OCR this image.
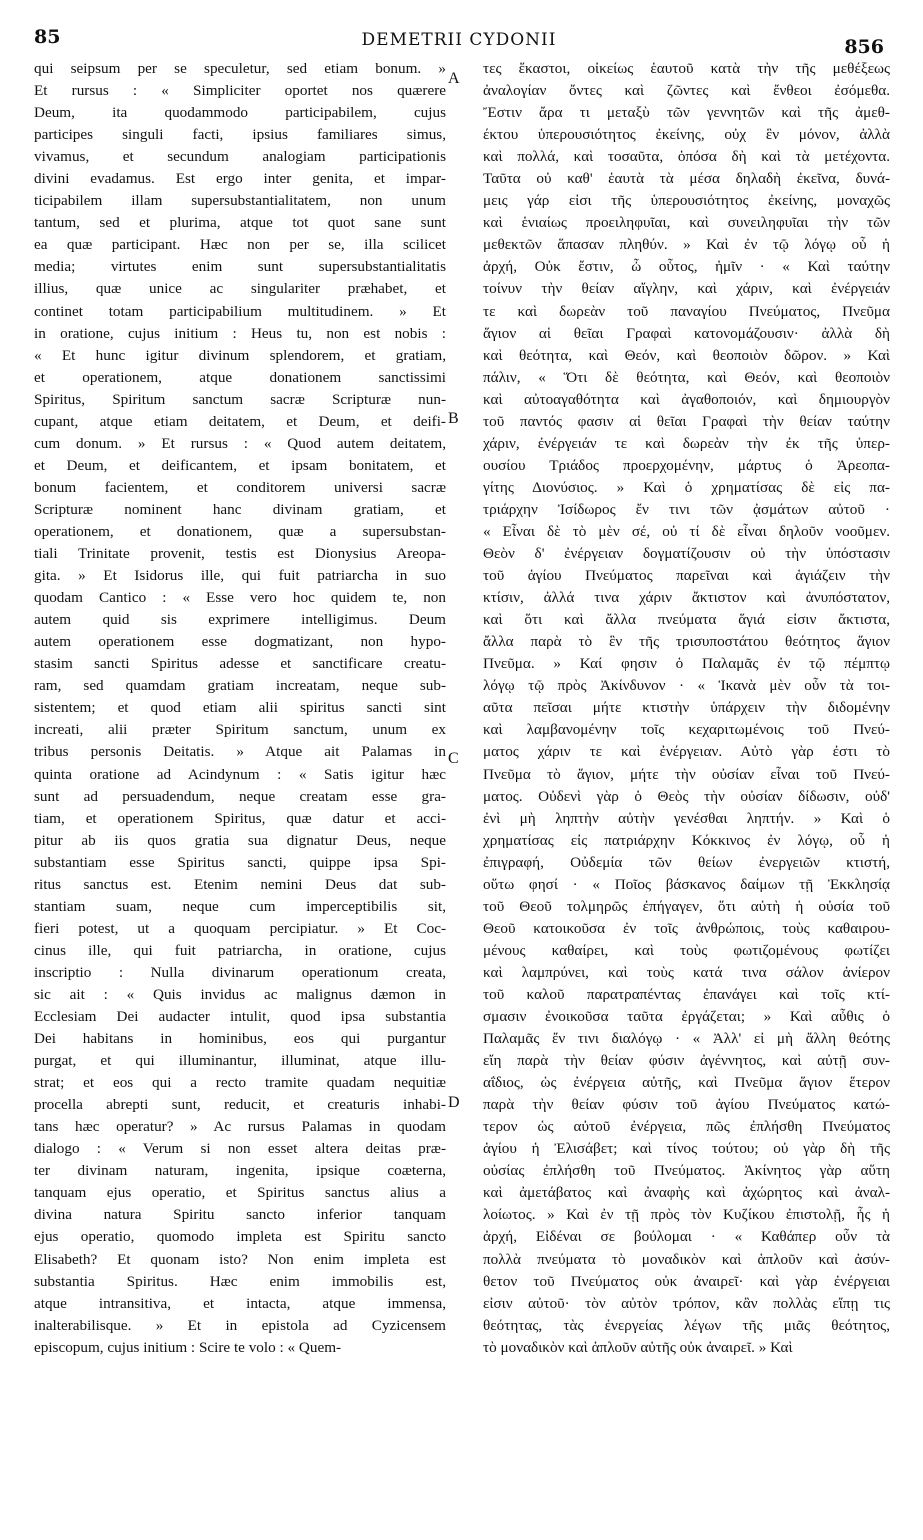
85	DEMETRII CYDONII	856
A
B
C
D
qui seipsum per se speculetur, sed etiam bonum. »
Et rursus : « Simpliciter oportet nos quærere
Deum, ita quodammodo participabilem, cujus
participes singuli facti, ipsius familiares simus,
vivamus, et secundum analogiam participationis
divini evadamus. Est ergo inter genita, et impar-
ticipabilem illam supersubstantialitatem, non unum
tantum, sed et plurima, atque tot quot sane sunt
ea quæ participant. Hæc non per se, illa scilicet
media; virtutes enim sunt supersubstantialitatis
illius, quæ unice ac singulariter præhabet, et
continet totam participabilium multitudinem. » Et
in oratione, cujus initium : Heus tu, non est nobis :
« Et hunc igitur divinum splendorem, et gratiam,
et operationem, atque donationem sanctissimi
Spiritus, Spiritum sanctum sacræ Scripturæ nun-
cupant, atque etiam deitatem, et Deum, et deifi-
cum donum. » Et rursus : « Quod autem deitatem,
et Deum, et deificantem, et ipsam bonitatem, et
bonum facientem, et conditorem universi sacræ
Scripturæ nominent hanc divinam gratiam, et
operationem, et donationem, quæ a supersubstan-
tiali Trinitate provenit, testis est Dionysius Areopa-
gita. » Et Isidorus ille, qui fuit patriarcha in suo
quodam Cantico : « Esse vero hoc quidem te, non
autem quid sis exprimere intelligimus. Deum
autem operationem esse dogmatizant, non hypo-
stasim sancti Spiritus adesse et sanctificare creatu-
ram, sed quamdam gratiam increatam, neque sub-
sistentem; et quod etiam alii spiritus sancti sint
increati, alii præter Spiritum sanctum, unum ex
tribus personis Deitatis. » Atque ait Palamas in
quinta oratione ad Acindynum : « Satis igitur hæc
sunt ad persuadendum, neque creatam esse gra-
tiam, et operationem Spiritus, quæ datur et acci-
pitur ab iis quos gratia sua dignatur Deus, neque
substantiam esse Spiritus sancti, quippe ipsa Spi-
ritus sanctus est. Etenim nemini Deus dat sub-
stantiam suam, neque cum imperceptibilis sit,
fieri potest, ut a quoquam percipiatur. » Et Coc-
cinus ille, qui fuit patriarcha, in oratione, cujus
inscriptio : Nulla divinarum operationum creata,
sic ait : « Quis invidus ac malignus dæmon in
Ecclesiam Dei audacter intulit, quod ipsa substantia
Dei habitans in hominibus, eos qui purgantur
purgat, et qui illuminantur, illuminat, atque illu-
strat; et eos qui a recto tramite quadam nequitiæ
procella abrepti sunt, reducit, et creaturis inhabi-
tans hæc operatur? » Ac rursus Palamas in quodam
dialogo : « Verum si non esset altera deitas præ-
ter divinam naturam, ingenita, ipsique coæterna,
tanquam ejus operatio, et Spiritus sanctus alius a
divina natura Spiritu sancto inferior tanquam
ejus operatio, quomodo impleta est Spiritu sancto
Elisabeth? Et quonam isto? Non enim impleta est
substantia Spiritus. Hæc enim immobilis est,
atque intransitiva, et intacta, atque immensa,
inalterabilisque. » Et in epistola ad Cyzicensem
episcopum, cujus initium : Scire te volo : « Quem-
τες ἕκαστοι, οἰκείως ἑαυτοῦ κατὰ τὴν τῆς μεθέξεως
ἀναλογίαν ὄντες καὶ ζῶντες καὶ ἔνθεοι ἐσόμεθα.
Ἔστιν ἄρα τι μεταξὺ τῶν γεννητῶν καὶ τῆς ἀμεθ-
έκτου ὑπερουσιότητος ἐκείνης, οὐχ ἓν μόνον, ἀλλὰ
καὶ πολλά, καὶ τοσαῦτα, ὁπόσα δὴ καὶ τὰ μετέχοντα.
Ταῦτα οὐ καθ' ἑαυτὰ τὰ μέσα δηλαδὴ ἐκεῖνα, δυνά-
μεις γάρ εἰσι τῆς ὑπερουσιότητος ἐκείνης, μοναχῶς
καὶ ἑνιαίως προειληφυῖαι, καὶ συνειληφυῖαι τὴν τῶν
μεθεκτῶν ἅπασαν πληθύν. » Καὶ ἐν τῷ λόγῳ οὗ ἡ
ἀρχή, Οὐκ ἔστιν, ὦ οὗτος, ἡμῖν · « Καὶ ταύτην
τοίνυν τὴν θείαν αἴγλην, καὶ χάριν, καὶ ἐνέργειάν
τε καὶ δωρεὰν τοῦ παναγίου Πνεύματος, Πνεῦμα
ἅγιον αἱ θεῖαι Γραφαὶ κατονομάζουσιν· ἀλλὰ δὴ
καὶ θεότητα, καὶ Θεόν, καὶ θεοποιὸν δῶρον. » Καὶ
πάλιν, « Ὅτι δὲ θεότητα, καὶ Θεόν, καὶ θεοποιὸν
καὶ αὐτοαγαθότητα καὶ ἀγαθοποιόν, καὶ δημιουργὸν
τοῦ παντός φασιν αἱ θεῖαι Γραφαὶ τὴν θείαν ταύτην
χάριν, ἐνέργειάν τε καὶ δωρεὰν τὴν ἐκ τῆς ὑπερ-
ουσίου Τριάδος προερχομένην, μάρτυς ὁ Ἀρεοπα-
γίτης Διονύσιος. » Καὶ ὁ χρηματίσας δὲ εἰς πα-
τριάρχην Ἰσίδωρος ἔν τινι τῶν ᾀσμάτων αὐτοῦ ·
« Εἶναι δὲ τὸ μὲν σέ, οὐ τί δὲ εἶναι δηλοῦν νοοῦμεν.
Θεὸν δ' ἐνέργειαν δογματίζουσιν οὐ τὴν ὑπόστασιν
τοῦ ἁγίου Πνεύματος παρεῖναι καὶ ἁγιάζειν τὴν
κτίσιν, ἀλλά τινα χάριν ἄκτιστον καὶ ἀνυπόστατον,
καὶ ὅτι καὶ ἄλλα πνεύματα ἅγιά εἰσιν ἄκτιστα,
ἄλλα παρὰ τὸ ἓν τῆς τρισυποστάτου θεότητος ἅγιον
Πνεῦμα. » Καί φησιν ὁ Παλαμᾶς ἐν τῷ πέμπτῳ
λόγῳ τῷ πρὸς Ἀκίνδυνον · « Ἱκανὰ μὲν οὖν τὰ τοι-
αῦτα πεῖσαι μήτε κτιστὴν ὑπάρχειν τὴν διδομένην
καὶ λαμβανομένην τοῖς κεχαριτωμένοις τοῦ Πνεύ-
ματος χάριν τε καὶ ἐνέργειαν. Αὐτὸ γὰρ ἐστι τὸ
Πνεῦμα τὸ ἅγιον, μήτε τὴν οὐσίαν εἶναι τοῦ Πνεύ-
ματος. Οὐδενὶ γὰρ ὁ Θεὸς τὴν οὐσίαν δίδωσιν, οὐδ'
ἐνὶ μὴ ληπτὴν αὐτὴν γενέσθαι ληπτήν. » Καὶ ὁ
χρηματίσας εἰς πατριάρχην Κόκκινος ἐν λόγῳ, οὗ ἡ
ἐπιγραφή, Οὐδεμία τῶν θείων ἐνεργειῶν κτιστή,
οὕτω φησί · « Ποῖος βάσκανος δαίμων τῇ Ἐκκλησίᾳ
τοῦ Θεοῦ τολμηρῶς ἐπήγαγεν, ὅτι αὐτὴ ἡ οὐσία τοῦ
Θεοῦ κατοικοῦσα ἐν τοῖς ἀνθρώποις, τοὺς καθαιρου-
μένους καθαίρει, καὶ τοὺς φωτιζομένους φωτίζει
καὶ λαμπρύνει, καὶ τοὺς κατά τινα σάλον ἀνίερον
τοῦ καλοῦ παρατραπέντας ἐπανάγει καὶ τοῖς κτί-
σμασιν ἐνοικοῦσα ταῦτα ἐργάζεται; » Καὶ αὖθις ὁ
Παλαμᾶς ἔν τινι διαλόγῳ · « Ἀλλ' εἰ μὴ ἄλλη θεότης
εἴη παρὰ τὴν θείαν φύσιν ἀγέννητος, καὶ αὐτῇ συν-
αΐδιος, ὡς ἐνέργεια αὐτῆς, καὶ Πνεῦμα ἅγιον ἕτερον
παρὰ τὴν θείαν φύσιν τοῦ ἁγίου Πνεύματος κατώ-
τερον ὡς αὐτοῦ ἐνέργεια, πῶς ἐπλήσθη Πνεύματος
ἁγίου ἡ Ἐλισάβετ; καὶ τίνος τούτου; οὐ γὰρ δὴ τῆς
οὐσίας ἐπλήσθη τοῦ Πνεύματος. Ἀκίνητος γὰρ αὕτη
καὶ ἀμετάβατος καὶ ἀναφὴς καὶ ἀχώρητος καὶ ἀναλ-
λοίωτος. » Καὶ ἐν τῇ πρὸς τὸν Κυζίκου ἐπιστολῇ, ἧς ἡ
ἀρχή, Εἰδέναι σε βούλομαι · « Καθάπερ οὖν τὰ
πολλὰ πνεύματα τὸ μοναδικὸν καὶ ἁπλοῦν καὶ ἀσύν-
θετον τοῦ Πνεύματος οὐκ ἀναιρεῖ· καὶ γὰρ ἐνέργειαι
εἰσιν αὐτοῦ· τὸν αὐτὸν τρόπον, κἂν πολλὰς εἴπῃ τις
θεότητας, τὰς ἐνεργείας λέγων τῆς μιᾶς θεότητος,
τὸ μοναδικὸν καὶ ἁπλοῦν αὐτῆς οὐκ ἀναιρεῖ. » Καὶ
